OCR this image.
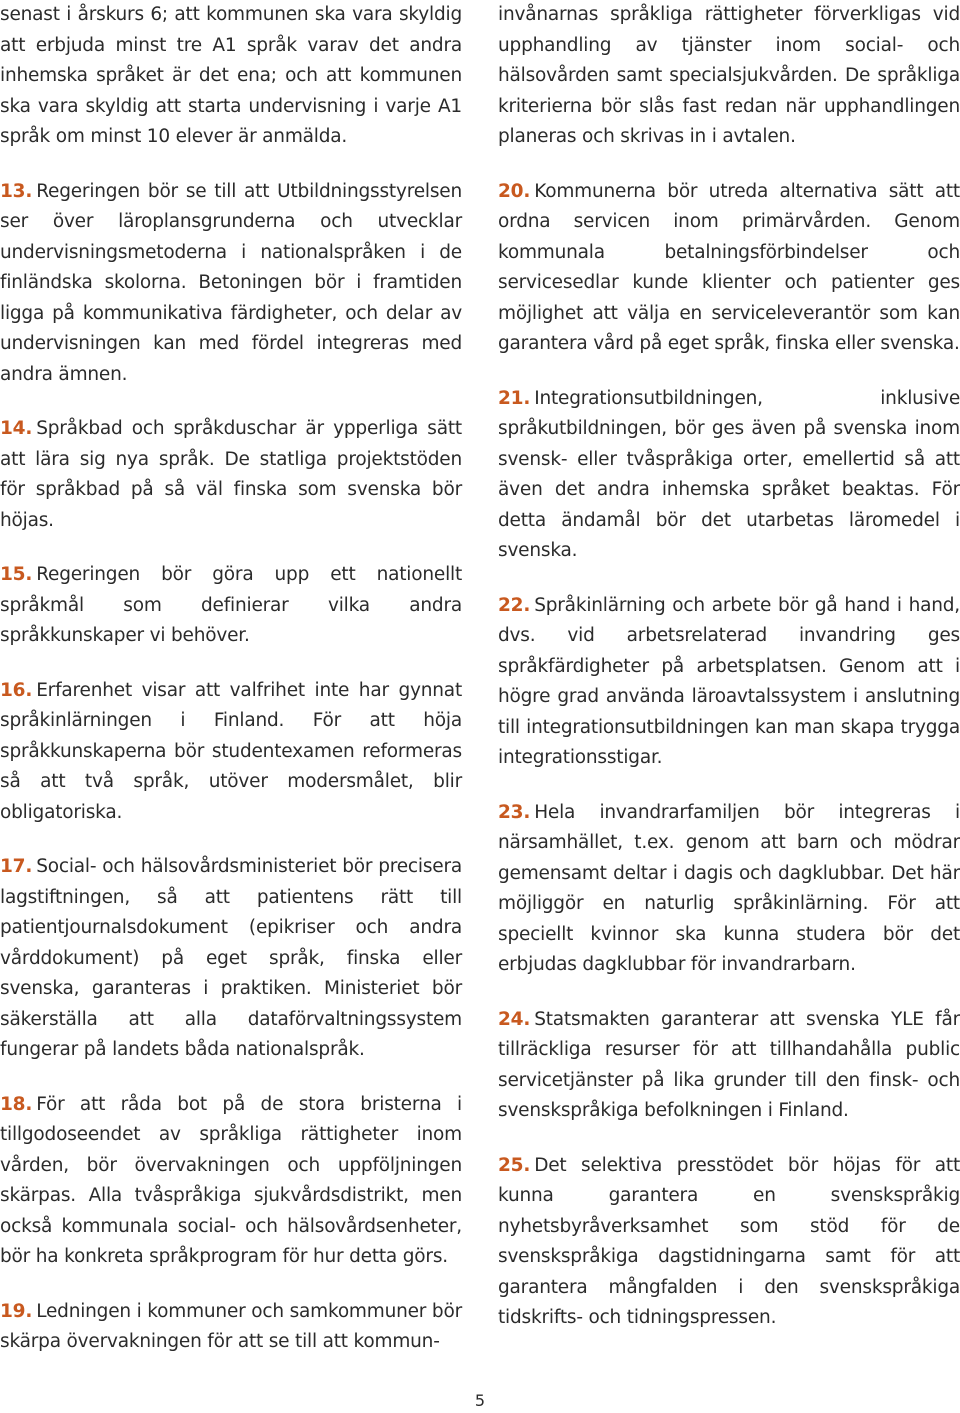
senast i årskurs 6; att kommunen ska vara skyldig att erbjuda minst tre A1 språk varav det andra inhemska språket är det ena; och att kommunen ska vara skyldig att starta undervisning i varje A1 språk om minst 10 elever är anmälda.

13. Regeringen bör se till att Utbildningsstyrelsen ser över läroplansgrunderna och utvecklar undervisningsmetoderna i nationalspråken i de finländska skolorna. Betoningen bör i framtiden ligga på kommunikativa färdigheter, och delar av undervisningen kan med fördel integreras med andra ämnen.

14. Språkbad och språkduschar är ypperliga sätt att lära sig nya språk. De statliga projektstöden för språkbad på så väl finska som svenska bör höjas.

15. Regeringen bör göra upp ett nationellt språkmål som definierar vilka andra språkkunskaper vi behöver.

16. Erfarenhet visar att valfrihet inte har gynnat språkinlärningen i Finland. För att höja språkkunskaperna bör studentexamen reformeras så att två språk, utöver modersmålet, blir obligatoriska.

17. Social- och hälsovårdsministeriet bör precisera lagstiftningen, så att patientens rätt till patientjournalsdokument (epikriser och andra vårddokument) på eget språk, finska eller svenska, garanteras i praktiken. Ministeriet bör säkerställa att alla dataförvaltningssystem fungerar på landets båda nationalspråk.

18. För att råda bot på de stora bristerna i tillgodoseendet av språkliga rättigheter inom vården, bör övervakningen och uppföljningen skärpas. Alla tvåspråkiga sjukvårdsdistrikt, men också kommunala social- och hälsovårdsenheter, bör ha konkreta språkprogram för hur detta görs.

19. Ledningen i kommuner och samkommuner bör skärpa övervakningen för att se till att kommun-

invånarnas språkliga rättigheter förverkligas vid upphandling av tjänster inom social- och hälsovården samt specialsjukvården. De språkliga kriterierna bör slås fast redan när upphandlingen planeras och skrivas in i avtalen.

20. Kommunerna bör utreda alternativa sätt att ordna servicen inom primärvården. Genom kommunala betalningsförbindelser och servicesedlar kunde klienter och patienter ges möjlighet att välja en serviceleverantör som kan garantera vård på eget språk, finska eller svenska.

21. Integrationsutbildningen, inklusive språkutbildningen, bör ges även på svenska inom svensk- eller tvåspråkiga orter, emellertid så att även det andra inhemska språket beaktas. För detta ändamål bör det utarbetas läromedel i svenska.

22. Språkinlärning och arbete bör gå hand i hand, dvs. vid arbetsrelaterad invandring ges språkfärdigheter på arbetsplatsen. Genom att i högre grad använda läroavtalssystem i anslutning till integrationsutbildningen kan man skapa trygga integrationsstigar.

23. Hela invandrarfamiljen bör integreras i närsamhället, t.ex. genom att barn och mödrar gemensamt deltar i dagis och dagklubbar. Det här möjliggör en naturlig språkinlärning. För att speciellt kvinnor ska kunna studera bör det erbjudas dagklubbar för invandrarbarn.

24. Statsmakten garanterar att svenska YLE får tillräckliga resurser för att tillhandahålla public servicetjänster på lika grunder till den finsk- och svenskspråkiga befolkningen i Finland.

25. Det selektiva presstödet bör höjas för att kunna garantera en svenskspråkig nyhetsbyråverksamhet som stöd för de svenskspråkiga dagstidningarna samt för att garantera mångfalden i den svenskspråkiga tidskrifts- och tidningspressen.

5
